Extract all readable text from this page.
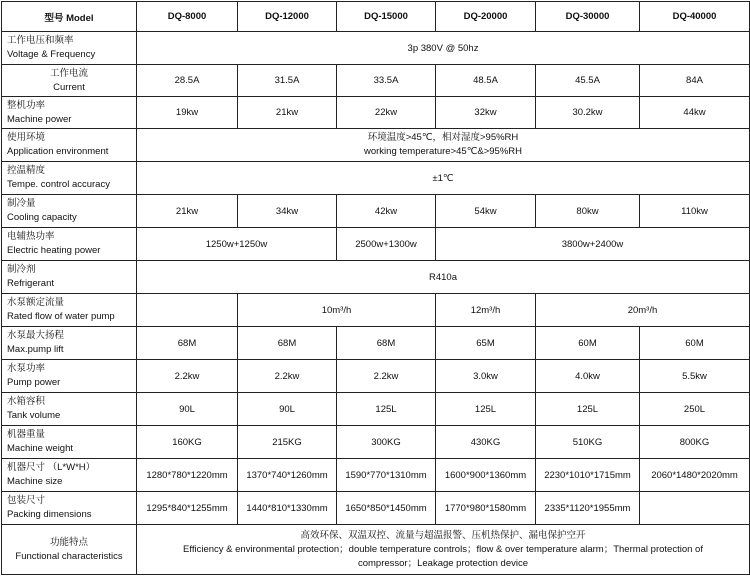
型号 Model	DQ-8000	DQ-12000	DQ-15000	DQ-20000	DQ-30000	DQ-40000

工作电压和频率
Voltage & Frequency	3p 380V @ 50hz					

工作电流
Current	28.5A	31.5A	33.5A	48.5A	45.5A	84A

整机功率
Machine power	19kw	21kw	22kw	32kw	30.2kw	44kw

使用环境
Application environment	环境温度>45℃，相对湿度>95%RH
working temperature>45℃&>95%RH					

控温精度
Tempe. control accuracy	±1℃					

制冷量
Cooling capacity	21kw	34kw	42kw	54kw	80kw	110kw

电辅热功率
Electric heating power	1250w+1250w		2500w+1300w	3800w+2400w		

制冷剂
Refrigerant	R410a					

水泵额定流量
Rated flow of water pump		10m³/h		12m³/h	20m³/h	

水泵最大扬程
Max.pump lift	68M	68M	68M	65M	60M	60M

水泵功率
Pump power	2.2kw	2.2kw	2.2kw	3.0kw	4.0kw	5.5kw

水箱容积
Tank volume	90L	90L	125L	125L	125L	250L

机器重量
Machine weight	160KG	215KG	300KG	430KG	510KG	800KG

机器尺寸 （L*W*H）
Machine size	1280*780*1220mm	1370*740*1260mm	1590*770*1310mm	1600*900*1360mm	2230*1010*1715mm	2060*1480*2020mm

包装尺寸
Packing dimensions	1295*840*1255mm	1440*810*1330mm	1650*850*1450mm	1770*980*1580mm	2335*1120*1955mm	

功能特点
Functional characteristics	高效环保、双温双控、流量与超温报警、压机热保护、漏电保护空开
Efficiency & environmental protection；double temperature controls；flow & over temperature alarm；Thermal protection of
compressor；Leakage protection device					
